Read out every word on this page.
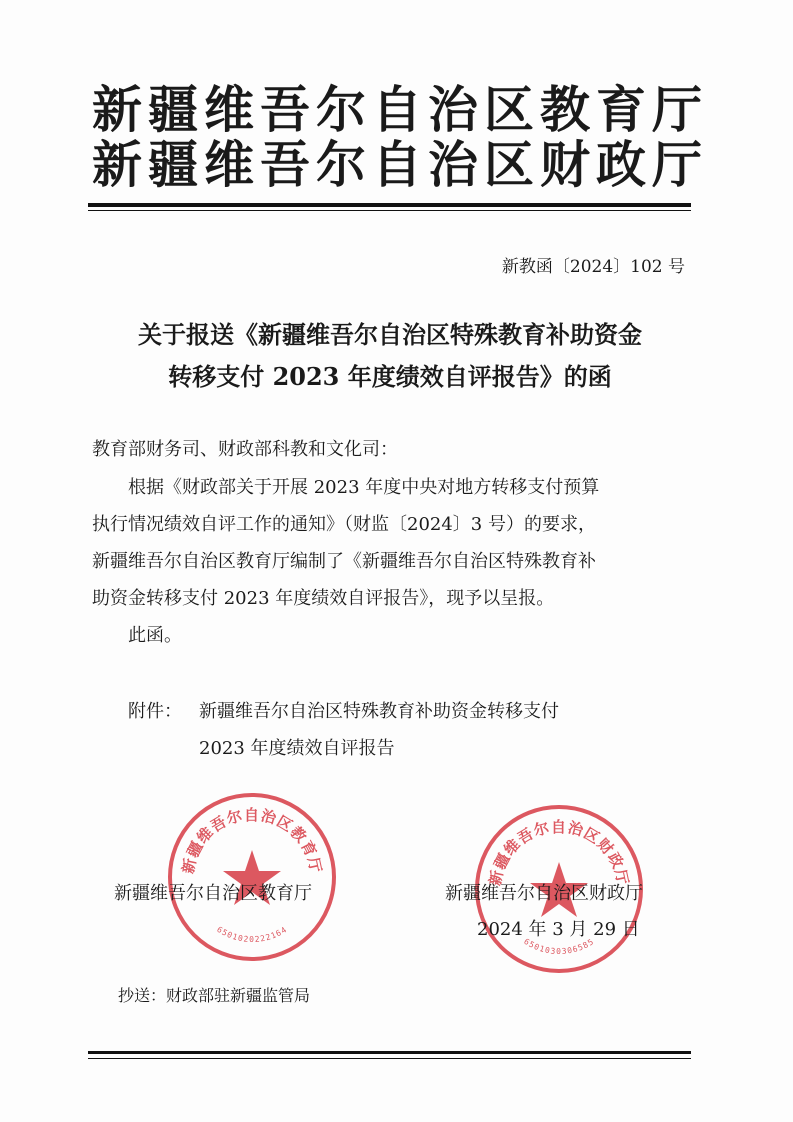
新疆维吾尔自治区教育厅
新疆维吾尔自治区财政厅
新教函〔2024〕102 号
关于报送《新疆维吾尔自治区特殊教育补助资金
转移支付 2023 年度绩效自评报告》的函
教育部财务司、财政部科教和文化司：
根据《财政部关于开展 2023 年度中央对地方转移支付预算
执行情况绩效自评工作的通知》（财监〔2024〕3 号）的要求，
新疆维吾尔自治区教育厅编制了《新疆维吾尔自治区特殊教育补
助资金转移支付 2023 年度绩效自评报告》，现予以呈报。
此函。
附件： 新疆维吾尔自治区特殊教育补助资金转移支付
2023 年度绩效自评报告
新疆维吾尔自治区教育厅
6501020222164
新疆维吾尔自治区财政厅
6501030306585
新疆维吾尔自治区教育厅	新疆维吾尔自治区财政厅
2024 年 3 月 29 日
抄送：财政部驻新疆监管局
